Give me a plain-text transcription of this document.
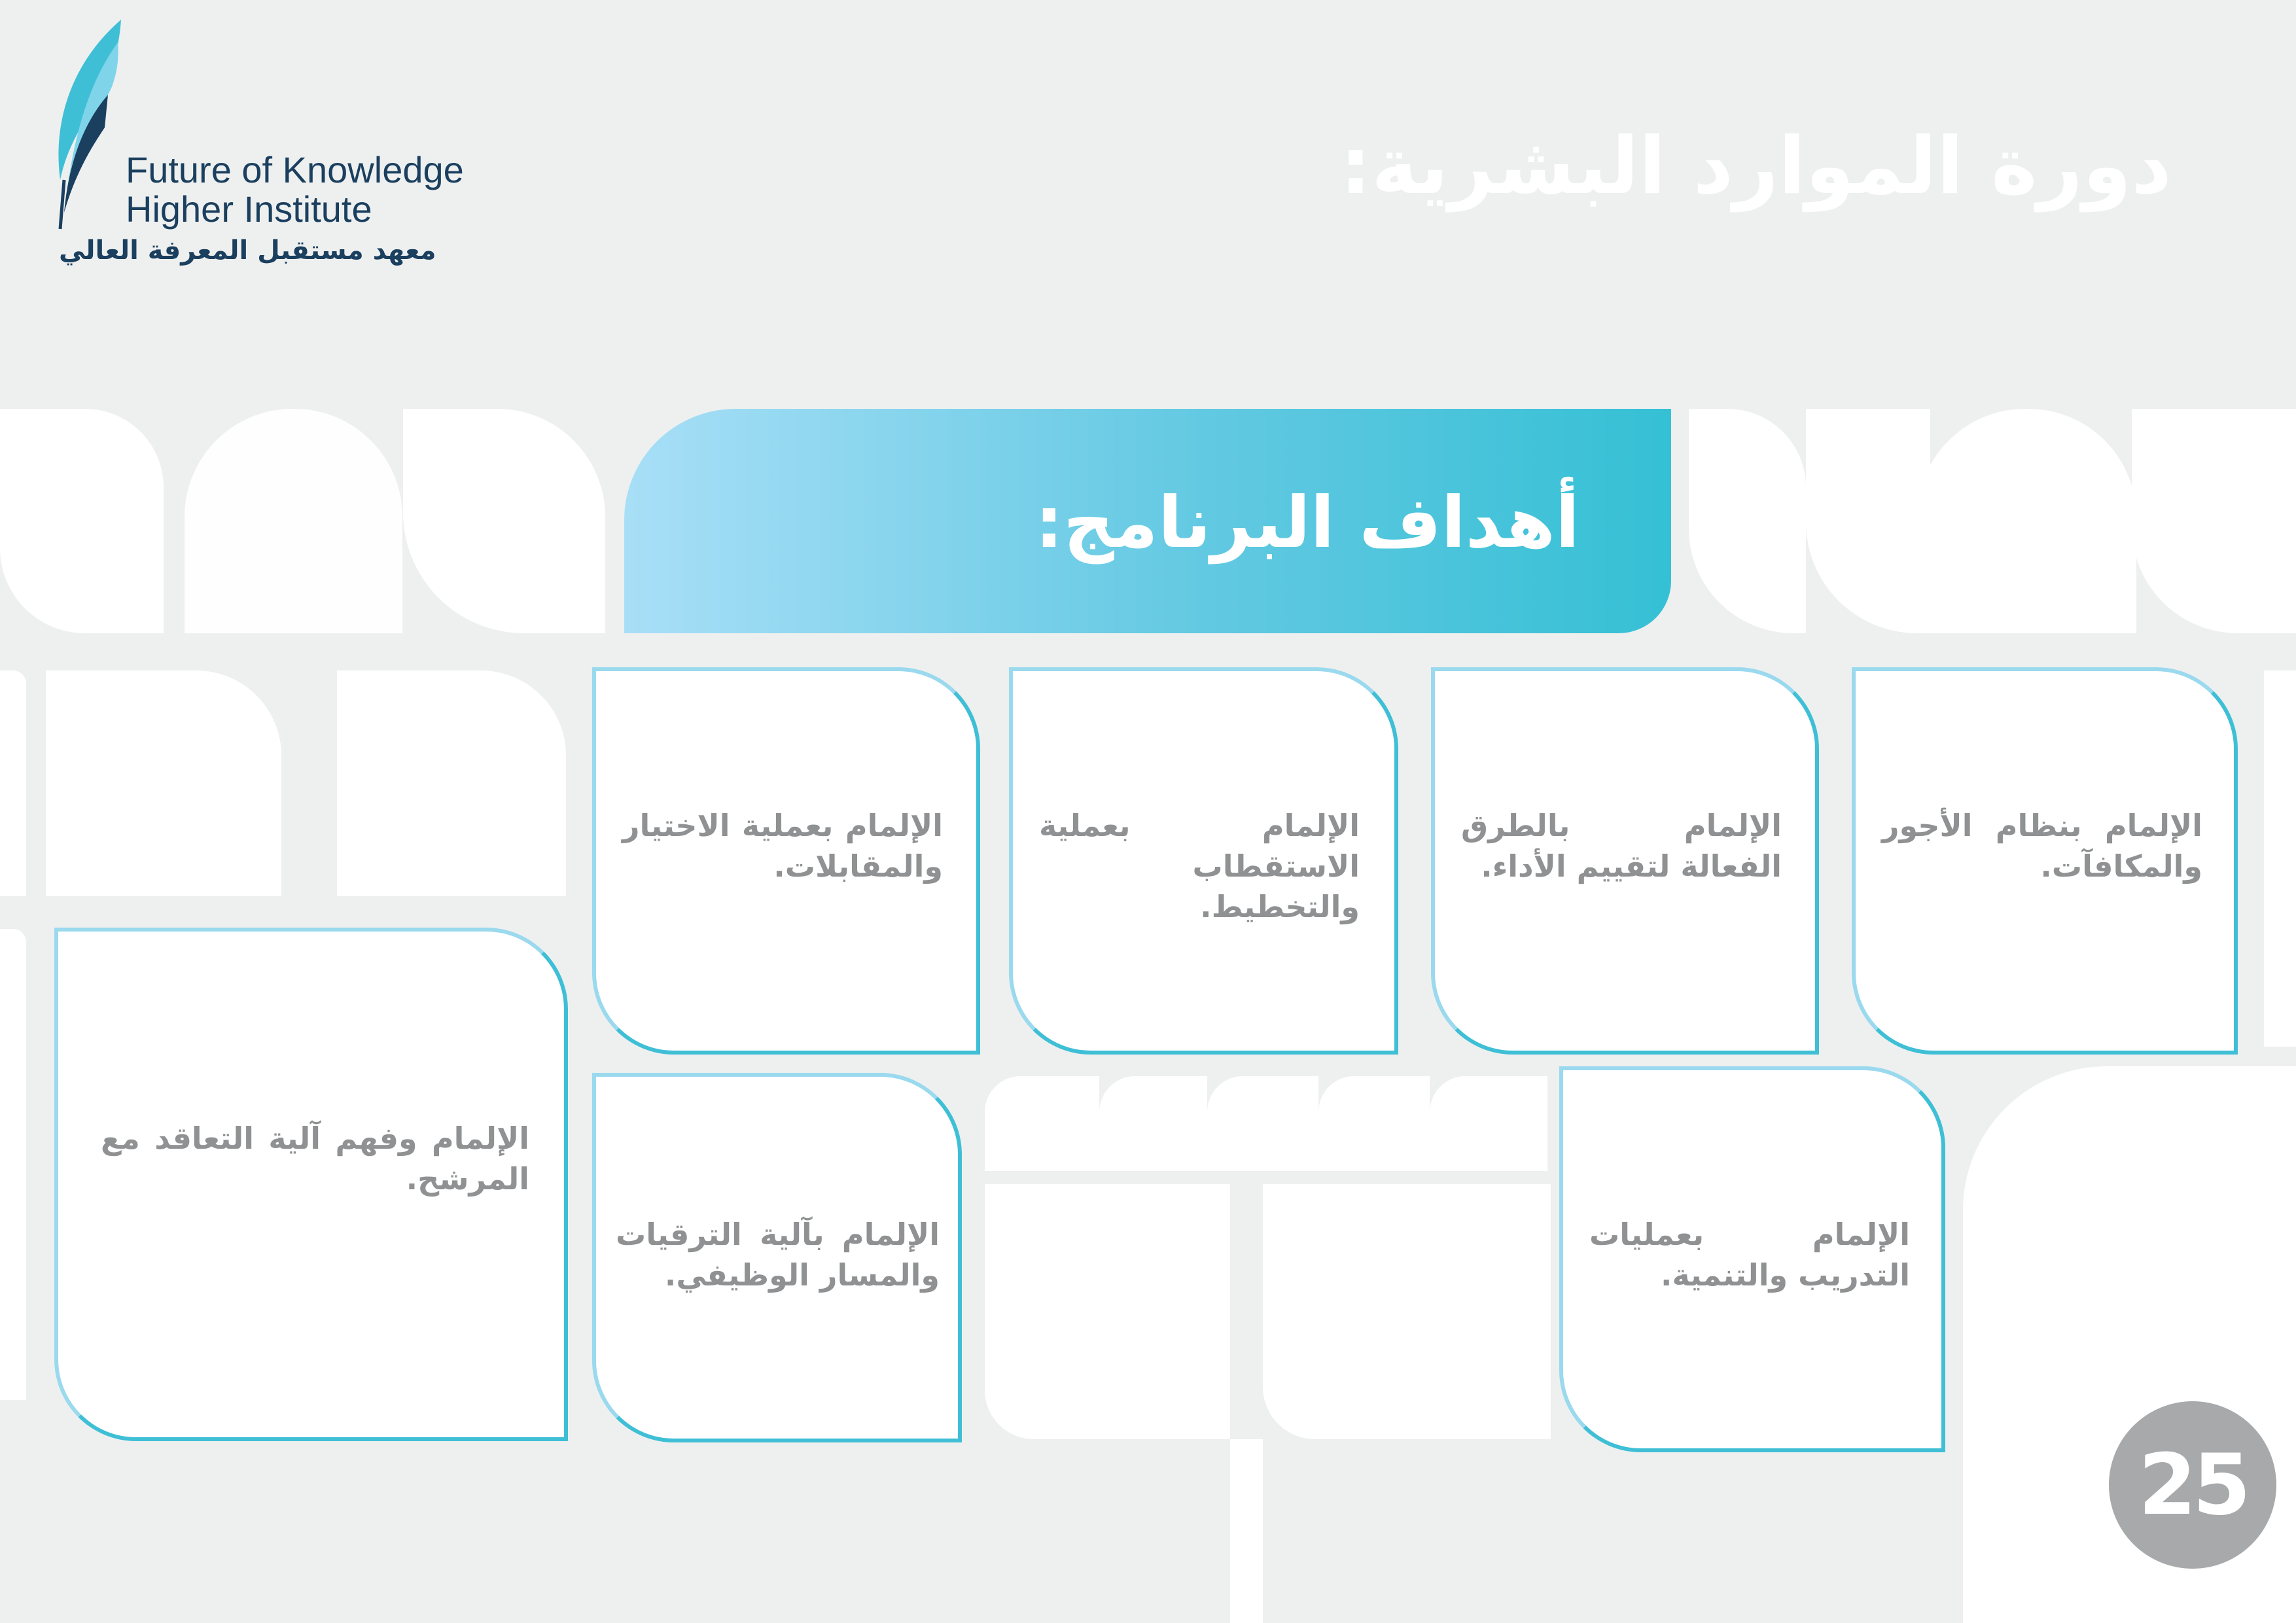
Future of Knowledge
Higher Institute
معهد مستقبل المعرفة العالي
دورة الموارد البشرية:
أهداف البرنامج:
الإلمام بنظام الأجور والمكافآت.
الإلمام بالطرق الفعالة لتقييم الأداء.
الإلمام بعملية الاستقطاب والتخطيط.
الإلمام بعملية الاختيار والمقابلات.
الإلمام وفهم آلية التعاقد مع المرشح.
الإلمام بآلية الترقيات والمسار الوظيفي.
الإلمام بعمليات التدريب والتنمية.
25
